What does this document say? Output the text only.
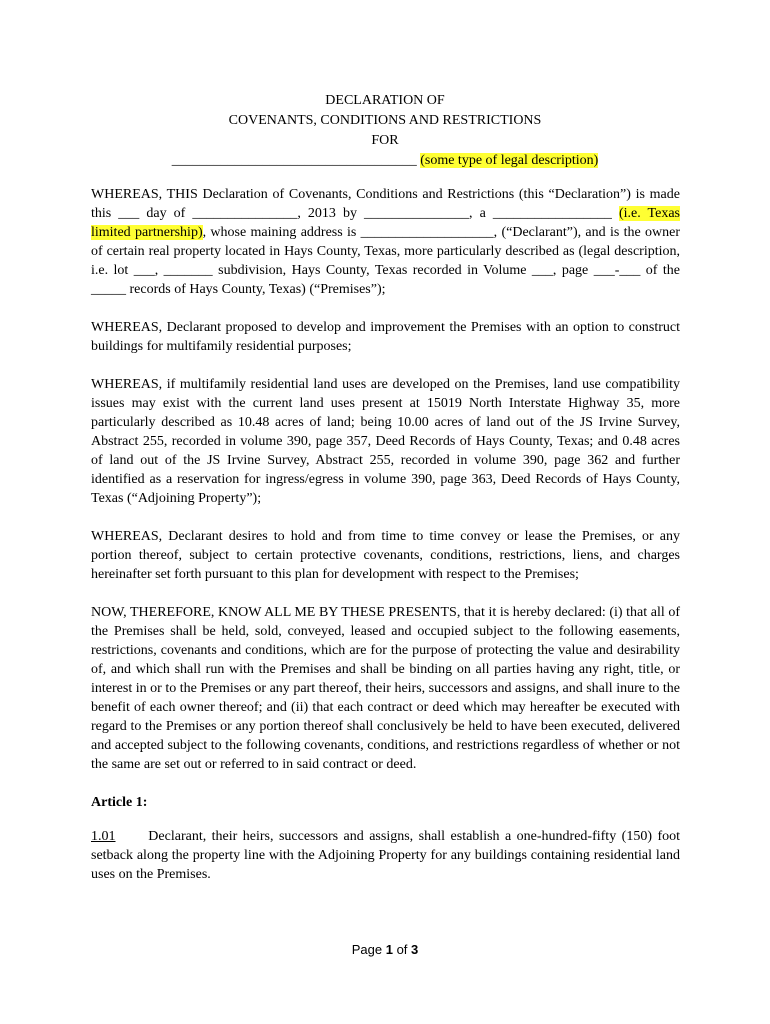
DECLARATION OF
COVENANTS, CONDITIONS AND RESTRICTIONS
FOR
___________________________________ (some type of legal description)

WHEREAS, THIS Declaration of Covenants, Conditions and Restrictions (this “Declaration”) is made this ___ day of _______________, 2013 by _______________, a _________________ (i.e. Texas limited partnership), whose maining address is ___________________, (“Declarant”), and is the owner of certain real property located in Hays County, Texas, more particularly described as (legal description, i.e. lot ___, _______ subdivision, Hays County, Texas recorded in Volume ___, page ___-___ of the _____ records of Hays County, Texas) (“Premises”);

WHEREAS, Declarant proposed to develop and improvement the Premises with an option to construct buildings for multifamily residential purposes;

WHEREAS, if multifamily residential land uses are developed on the Premises, land use compatibility issues may exist with the current land uses present at 15019 North Interstate Highway 35, more particularly described as 10.48 acres of land; being 10.00 acres of land out of the JS Irvine Survey, Abstract 255, recorded in volume 390, page 357, Deed Records of Hays County, Texas; and 0.48 acres of land out of the JS Irvine Survey, Abstract 255, recorded in volume 390, page 362 and further identified as a reservation for ingress/egress in volume 390, page 363, Deed Records of Hays County, Texas (“Adjoining Property”);

WHEREAS, Declarant desires to hold and from time to time convey or lease the Premises, or any portion thereof, subject to certain protective covenants, conditions, restrictions, liens, and charges hereinafter set forth pursuant to this plan for development with respect to the Premises;

NOW, THEREFORE, KNOW ALL ME BY THESE PRESENTS, that it is hereby declared: (i) that all of the Premises shall be held, sold, conveyed, leased and occupied subject to the following easements, restrictions, covenants and conditions, which are for the purpose of protecting the value and desirability of, and which shall run with the Premises and shall be binding on all parties having any right, title, or interest in or to the Premises or any part thereof, their heirs, successors and assigns, and shall inure to the benefit of each owner thereof; and (ii) that each contract or deed which may hereafter be executed with regard to the Premises or any portion thereof shall conclusively be held to have been executed, delivered and accepted subject to the following covenants, conditions, and restrictions regardless of whether or not the same are set out or referred to in said contract or deed.

Article 1:

1.01 Declarant, their heirs, successors and assigns, shall establish a one-hundred-fifty (150) foot setback along the property line with the Adjoining Property for any buildings containing residential land uses on the Premises.

Page 1 of 3
